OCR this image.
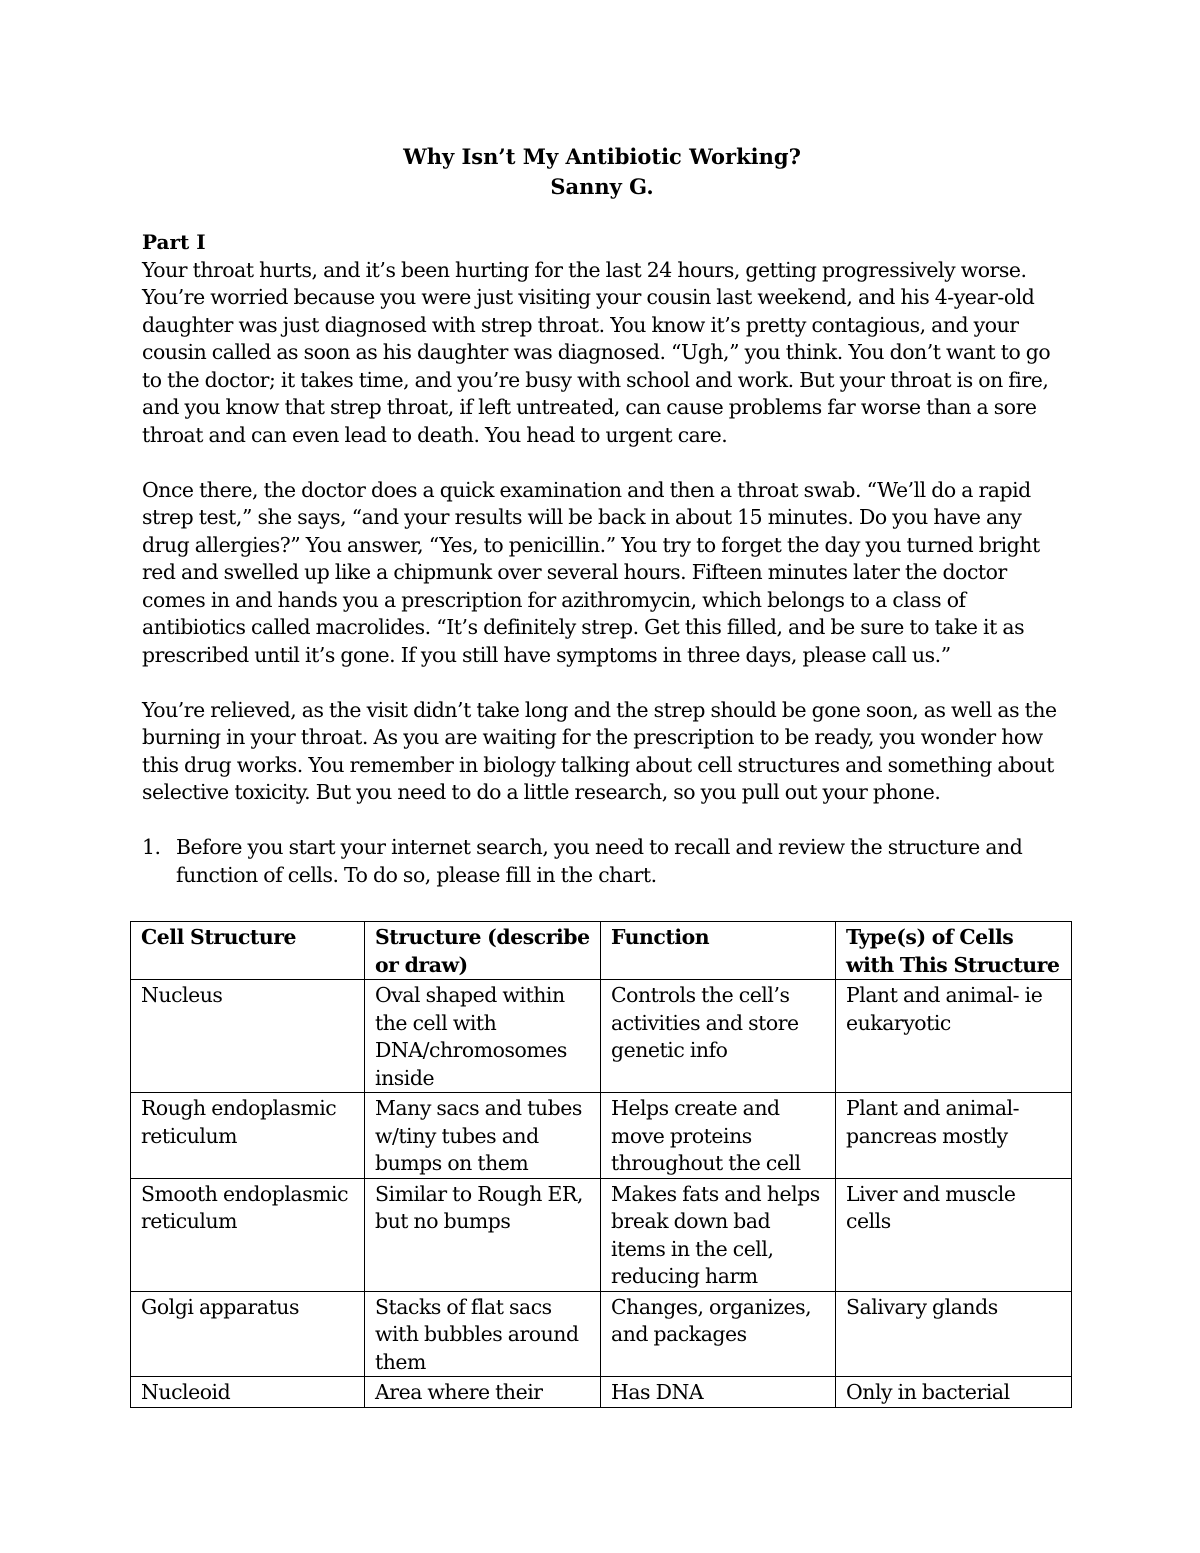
Why Isn’t My Antibiotic Working?
Sanny G.
Part I

Your throat hurts, and it’s been hurting for the last 24 hours, getting progressively worse. You’re worried because you were just visiting your cousin last weekend, and his 4-year-old daughter was just diagnosed with strep throat. You know it’s pretty contagious, and your cousin called as soon as his daughter was diagnosed. “Ugh,” you think. You don’t want to go to the doctor; it takes time, and you’re busy with school and work. But your throat is on fire, and you know that strep throat, if left untreated, can cause problems far worse than a sore throat and can even lead to death. You head to urgent care.

Once there, the doctor does a quick examination and then a throat swab. “We’ll do a rapid strep test,” she says, “and your results will be back in about 15 minutes. Do you have any drug allergies?” You answer, “Yes, to penicillin.” You try to forget the day you turned bright red and swelled up like a chipmunk over several hours. Fifteen minutes later the doctor comes in and hands you a prescription for azithromycin, which belongs to a class of antibiotics called macrolides. “It’s definitely strep. Get this filled, and be sure to take it as prescribed until it’s gone. If you still have symptoms in three days, please call us.”

You’re relieved, as the visit didn’t take long and the strep should be gone soon, as well as the burning in your throat. As you are waiting for the prescription to be ready, you wonder how this drug works. You remember in biology talking about cell structures and something about selective toxicity. But you need to do a little research, so you pull out your phone.

1. Before you start your internet search, you need to recall and review the structure and function of cells. To do so, please fill in the chart.
Cell Structure	Structure (describe or draw)	Function	Type(s) of Cells with This Structure
Nucleus	Oval shaped within the cell with DNA/chromosomes inside	Controls the cell’s activities and store genetic info	Plant and animal- ie eukaryotic
Rough endoplasmic reticulum	Many sacs and tubes w/tiny tubes and bumps on them	Helps create and move proteins throughout the cell	Plant and animal- pancreas mostly
Smooth endoplasmic reticulum	Similar to Rough ER, but no bumps	Makes fats and helps break down bad items in the cell, reducing harm	Liver and muscle cells
Golgi apparatus	Stacks of flat sacs with bubbles around them	Changes, organizes, and packages	Salivary glands
Nucleoid	Area where their	Has DNA	Only in bacterial
